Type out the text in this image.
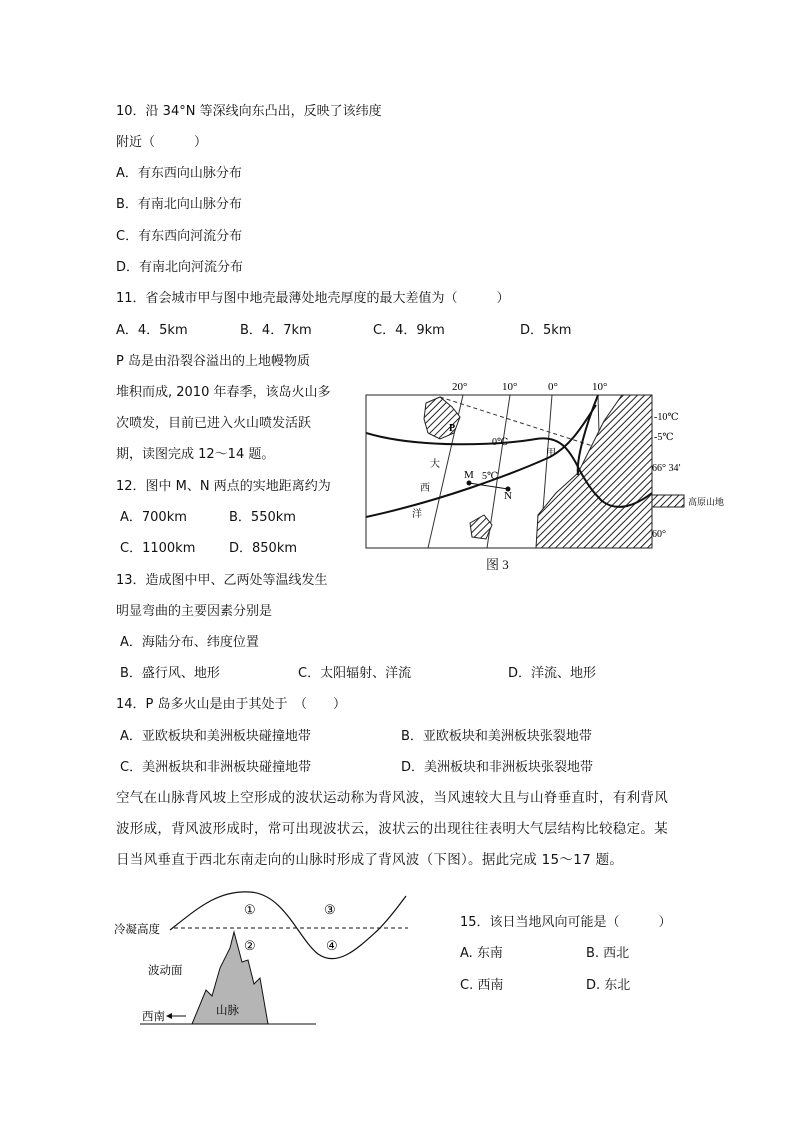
10．沿 34°N 等深线向东凸出，反映了该纬度
附近（　　　）
A．有东西向山脉分布
B．有南北向山脉分布
C．有东西向河流分布
D．有南北向河流分布
11．省会城市甲与图中地壳最薄处地壳厚度的最大差值为（　　　）
A．4．5km	B．4．7km	C．4．9km	D．5km
P 岛是由沿裂谷溢出的上地幔物质
堆积而成, 2010 年春季，该岛火山多
次喷发，目前已进入火山喷发活跃
期，读图完成 12～14 题。
12．图中 M、N 两点的实地距离约为
A．700km	B．550km
C．1100km	D．850km
13．造成图中甲、乙两处等温线发生
明显弯曲的主要因素分别是
A．海陆分布、纬度位置
B．盛行风、地形	C．太阳辐射、洋流	D．洋流、地形
14．P 岛多火山是由于其处于　（　　）
A．亚欧板块和美洲板块碰撞地带	B．亚欧板块和美洲板块张裂地带
C．美洲板块和非洲板块碰撞地带	D．美洲板块和非洲板块张裂地带
空气在山脉背风坡上空形成的波状运动称为背风波，当风速较大且与山脊垂直时，有利背风波形成，背风波形成时，常可出现波状云，波状云的出现往往表明大气层结构比较稳定。某日当风垂直于西北东南走向的山脉时形成了背风波（下图）。据此完成 15～17 题。
15．该日当地风向可能是（　　　）
A. 东南	B. 西北
C. 西南	D. 东北
20°	10°	0°	10°
-10℃
-5℃
0℃
5℃
66° 34′
60°
P
M
N
甲
大
西
洋
高原山地
图 3
①
②
③
④
冷凝高度
波动面
西南	山脉
